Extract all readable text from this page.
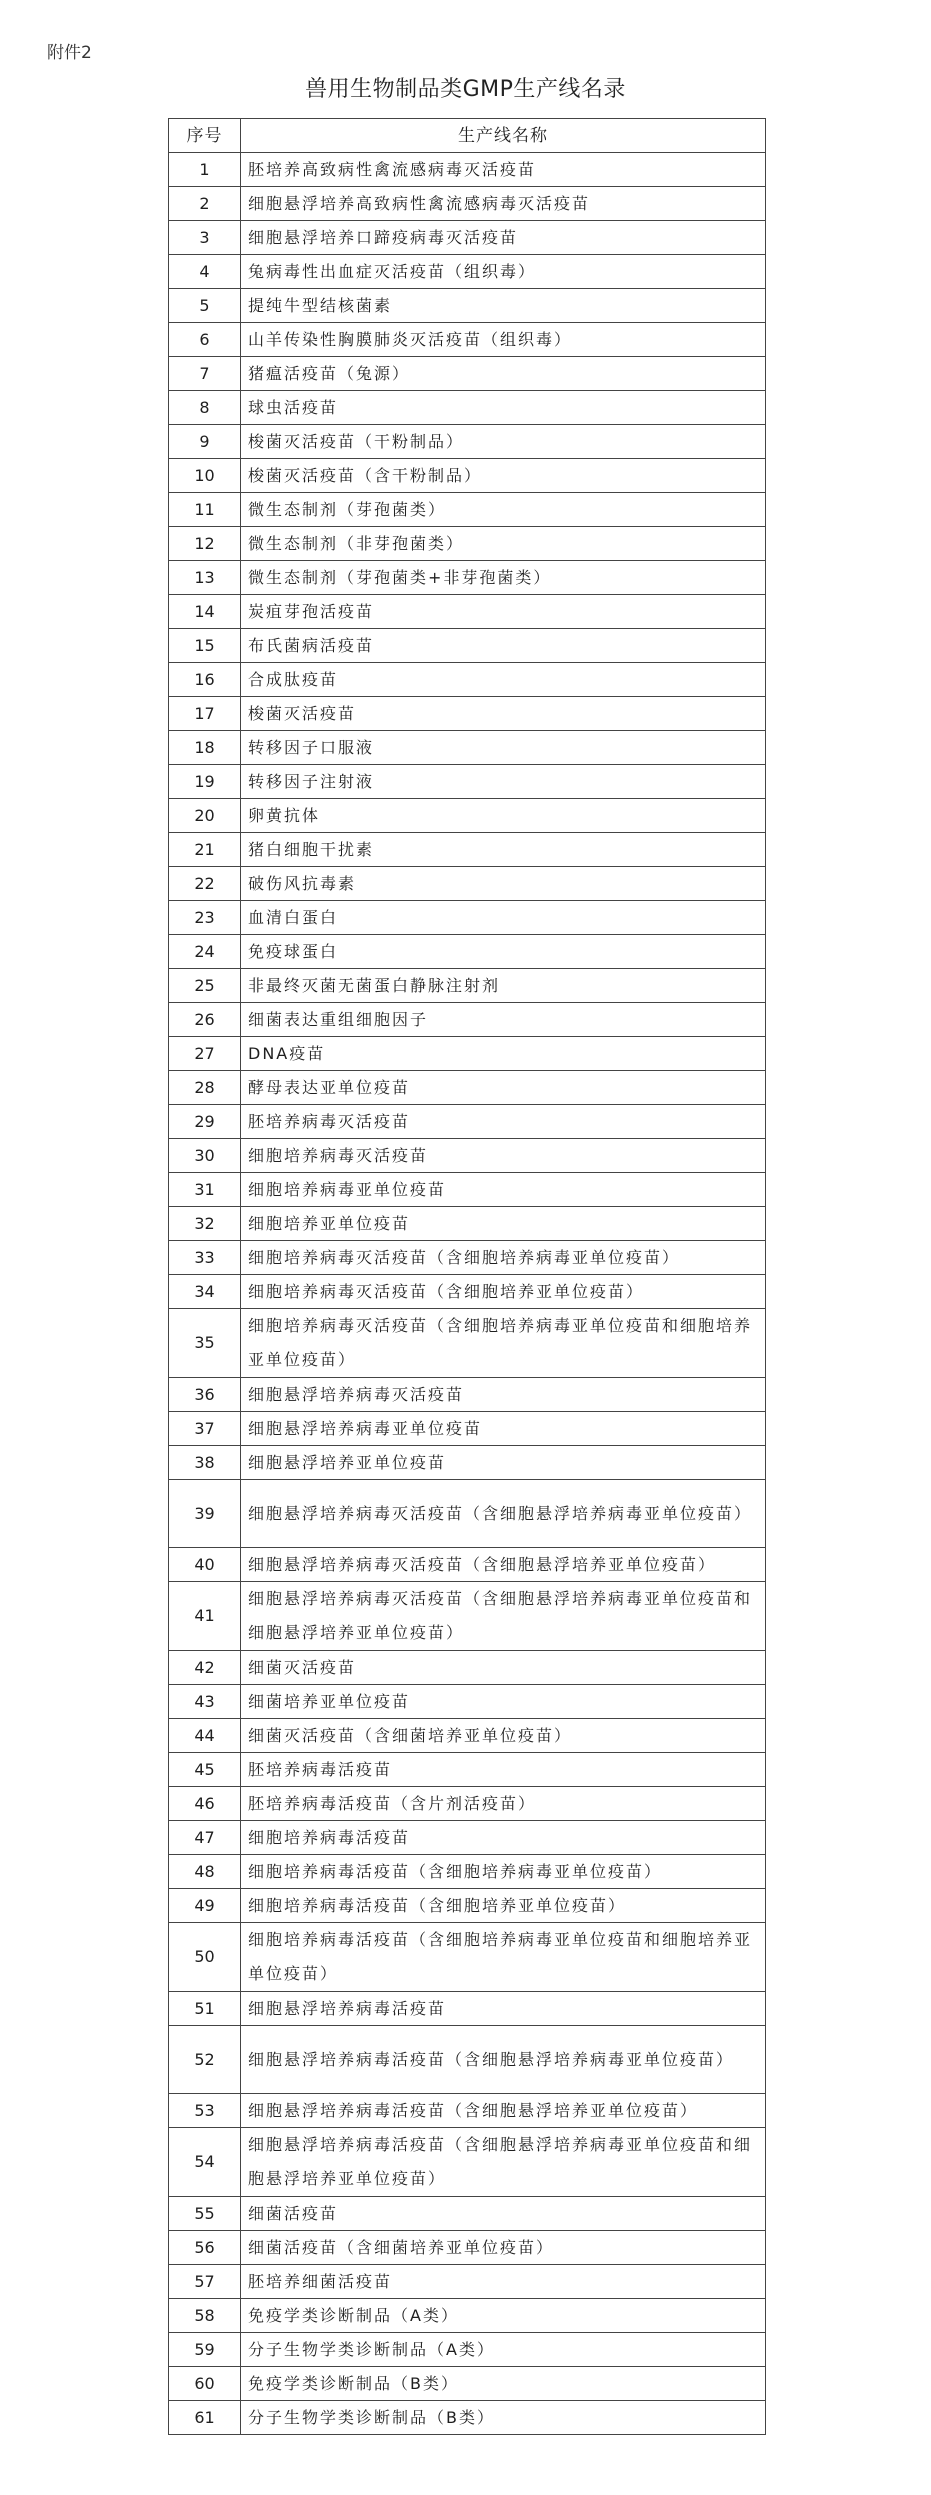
附件2
兽用生物制品类GMP生产线名录
序号	生产线名称
1	胚培养高致病性禽流感病毒灭活疫苗
2	细胞悬浮培养高致病性禽流感病毒灭活疫苗
3	细胞悬浮培养口蹄疫病毒灭活疫苗
4	兔病毒性出血症灭活疫苗（组织毒）
5	提纯牛型结核菌素
6	山羊传染性胸膜肺炎灭活疫苗（组织毒）
7	猪瘟活疫苗（兔源）
8	球虫活疫苗
9	梭菌灭活疫苗（干粉制品）
10	梭菌灭活疫苗（含干粉制品）
11	微生态制剂（芽孢菌类）
12	微生态制剂（非芽孢菌类）
13	微生态制剂（芽孢菌类+非芽孢菌类）
14	炭疽芽孢活疫苗
15	布氏菌病活疫苗
16	合成肽疫苗
17	梭菌灭活疫苗
18	转移因子口服液
19	转移因子注射液
20	卵黄抗体
21	猪白细胞干扰素
22	破伤风抗毒素
23	血清白蛋白
24	免疫球蛋白
25	非最终灭菌无菌蛋白静脉注射剂
26	细菌表达重组细胞因子
27	DNA疫苗
28	酵母表达亚单位疫苗
29	胚培养病毒灭活疫苗
30	细胞培养病毒灭活疫苗
31	细胞培养病毒亚单位疫苗
32	细胞培养亚单位疫苗
33	细胞培养病毒灭活疫苗（含细胞培养病毒亚单位疫苗）
34	细胞培养病毒灭活疫苗（含细胞培养亚单位疫苗）
35	细胞培养病毒灭活疫苗（含细胞培养病毒亚单位疫苗和细胞培养亚单位疫苗）
36	细胞悬浮培养病毒灭活疫苗
37	细胞悬浮培养病毒亚单位疫苗
38	细胞悬浮培养亚单位疫苗
39	细胞悬浮培养病毒灭活疫苗（含细胞悬浮培养病毒亚单位疫苗）
40	细胞悬浮培养病毒灭活疫苗（含细胞悬浮培养亚单位疫苗）
41	细胞悬浮培养病毒灭活疫苗（含细胞悬浮培养病毒亚单位疫苗和细胞悬浮培养亚单位疫苗）
42	细菌灭活疫苗
43	细菌培养亚单位疫苗
44	细菌灭活疫苗（含细菌培养亚单位疫苗）
45	胚培养病毒活疫苗
46	胚培养病毒活疫苗（含片剂活疫苗）
47	细胞培养病毒活疫苗
48	细胞培养病毒活疫苗（含细胞培养病毒亚单位疫苗）
49	细胞培养病毒活疫苗（含细胞培养亚单位疫苗）
50	细胞培养病毒活疫苗（含细胞培养病毒亚单位疫苗和细胞培养亚单位疫苗）
51	细胞悬浮培养病毒活疫苗
52	细胞悬浮培养病毒活疫苗（含细胞悬浮培养病毒亚单位疫苗）
53	细胞悬浮培养病毒活疫苗（含细胞悬浮培养亚单位疫苗）
54	细胞悬浮培养病毒活疫苗（含细胞悬浮培养病毒亚单位疫苗和细胞悬浮培养亚单位疫苗）
55	细菌活疫苗
56	细菌活疫苗（含细菌培养亚单位疫苗）
57	胚培养细菌活疫苗
58	免疫学类诊断制品（A类）
59	分子生物学类诊断制品（A类）
60	免疫学类诊断制品（B类）
61	分子生物学类诊断制品（B类）
